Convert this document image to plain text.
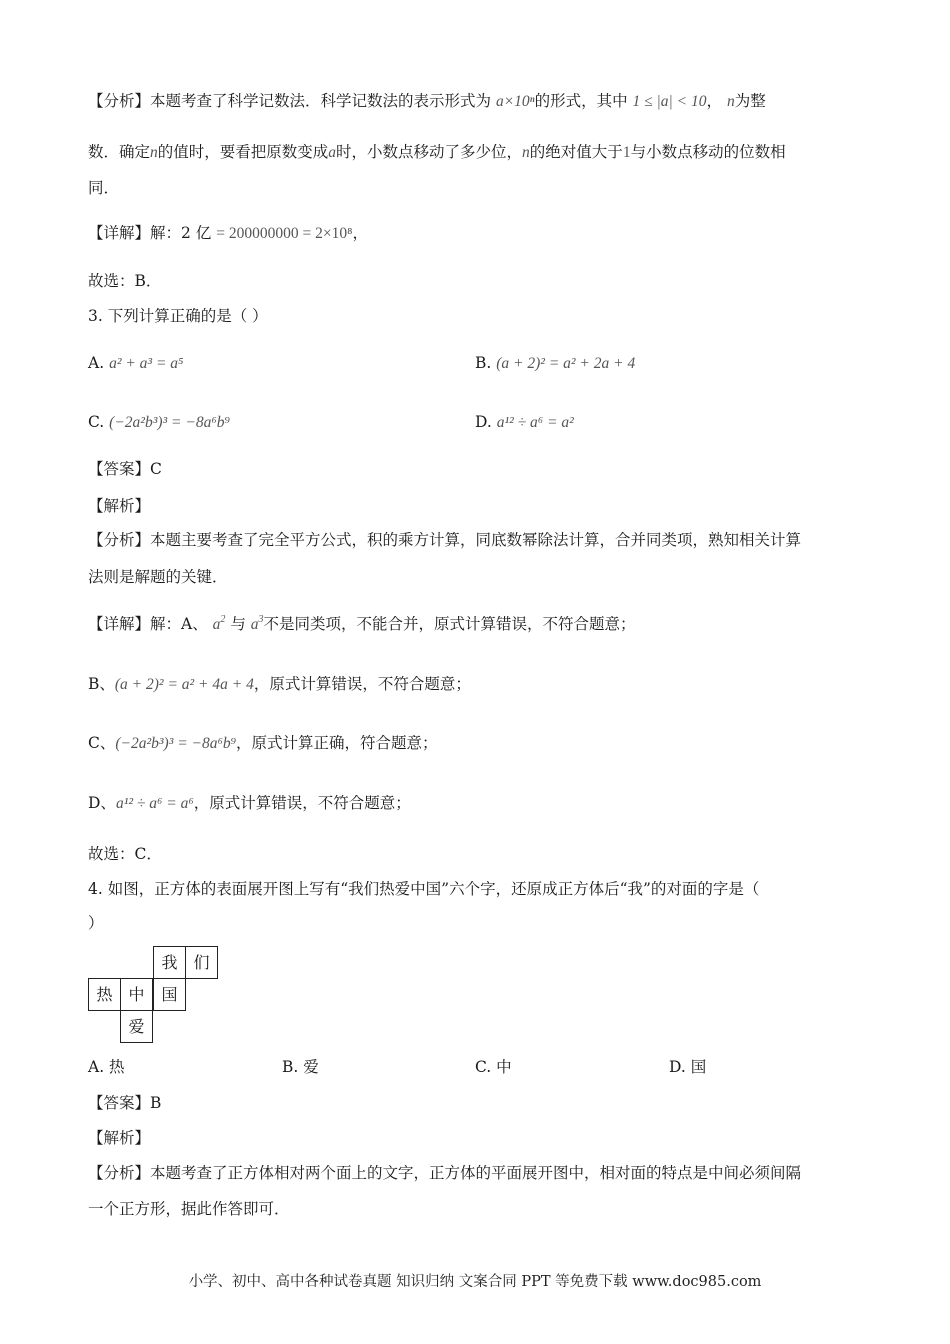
【分析】本题考查了科学记数法．科学记数法的表示形式为 a×10ⁿ的形式，其中 1 ≤ |a| < 10， n为整
数．确定n的值时，要看把原数变成a时，小数点移动了多少位，n的绝对值大于1与小数点移动的位数相
同．
【详解】解：2 亿 = 200000000 = 2×10⁸，
故选：B．
3. 下列计算正确的是（ ）
A. a² + a³ = a⁵	B. (a + 2)² = a² + 2a + 4
C. (−2a²b³)³ = −8a⁶b⁹	D. a¹² ÷ a⁶ = a²
【答案】C
【解析】
【分析】本题主要考查了完全平方公式，积的乘方计算，同底数幂除法计算，合并同类项，熟知相关计算
法则是解题的关键．
【详解】解：A、 $a^2$ 与 $a^3$不是同类项，不能合并，原式计算错误，不符合题意；
B、(a + 2)² = a² + 4a + 4，原式计算错误，不符合题意；
C、(−2a²b³)³ = −8a⁶b⁹，原式计算正确，符合题意；
D、a¹² ÷ a⁶ = a⁶，原式计算错误，不符合题意；
故选：C．
4. 如图，正方体的表面展开图上写有“我们热爱中国”六个字，还原成正方体后“我”的对面的字是（
）
我 们
热 中	国
爱
A. 热	B. 爱	C. 中	D. 国
【答案】B
【解析】
【分析】本题考查了正方体相对两个面上的文字，正方体的平面展开图中，相对面的特点是中间必须间隔
一个正方形，据此作答即可．
小学、初中、高中各种试卷真题 知识归纳 文案合同 PPT 等免费下载 www.doc985.com
